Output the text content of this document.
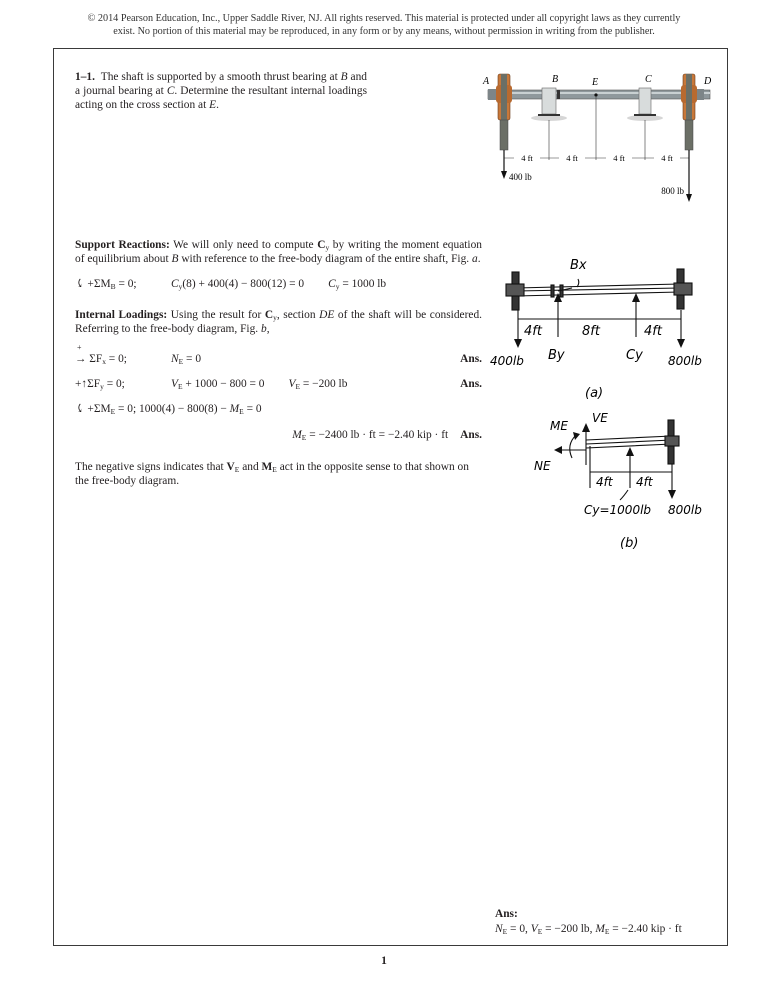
© 2014 Pearson Education, Inc., Upper Saddle River, NJ. All rights reserved. This material is protected under all copyright laws as they currently
exist. No portion of this material may be reproduced, in any form or by any means, without permission in writing from the publisher.
1–1. The shaft is supported by a smooth thrust bearing at B and a journal bearing at C. Determine the resultant internal loadings acting on the cross section at E.
4 ft	4 ft	4 ft	4 ft
400 lb
800 lb
A	B	E	C	D

Support Reactions: We will only need to compute $C_y$ by writing the moment equation of equilibrium about B with reference to the free-body diagram of the entire shaft, Fig. a.

⤹ $+\Sigma M_B = 0$;	$C_y(8) + 400(4) - 800(12) = 0$ $C_y = 1000$ lb

Internal Loadings: Using the result for $C_y$, section DE of the shaft will be considered. Referring to the free-body diagram, Fig. b,

+
→ $\Sigma F_x = 0$;	$N_E = 0$	Ans.
$+↑\Sigma F_y = 0$;	$V_E + 1000 - 800 = 0$ $V_E = -200$ lb	Ans.
⤹ $+\Sigma M_E = 0$; $1000(4) - 800(8) - M_E = 0$
$M_E = -2400$ lb · ft = −2.40 kip · ft Ans.

The negative signs indicates that $V_E$ and $M_E$ act in the opposite sense to that shown on the free-body diagram.

Bx
4ft	8ft	4ft
By	Cy
400lb	800lb
(a)
VE
ME
NE
4ft 4ft
Cy=1000lb 800lb
(b)
Ans:
$N_E = 0$, $V_E = -200$ lb, $M_E = -2.40$ kip · ft
1
